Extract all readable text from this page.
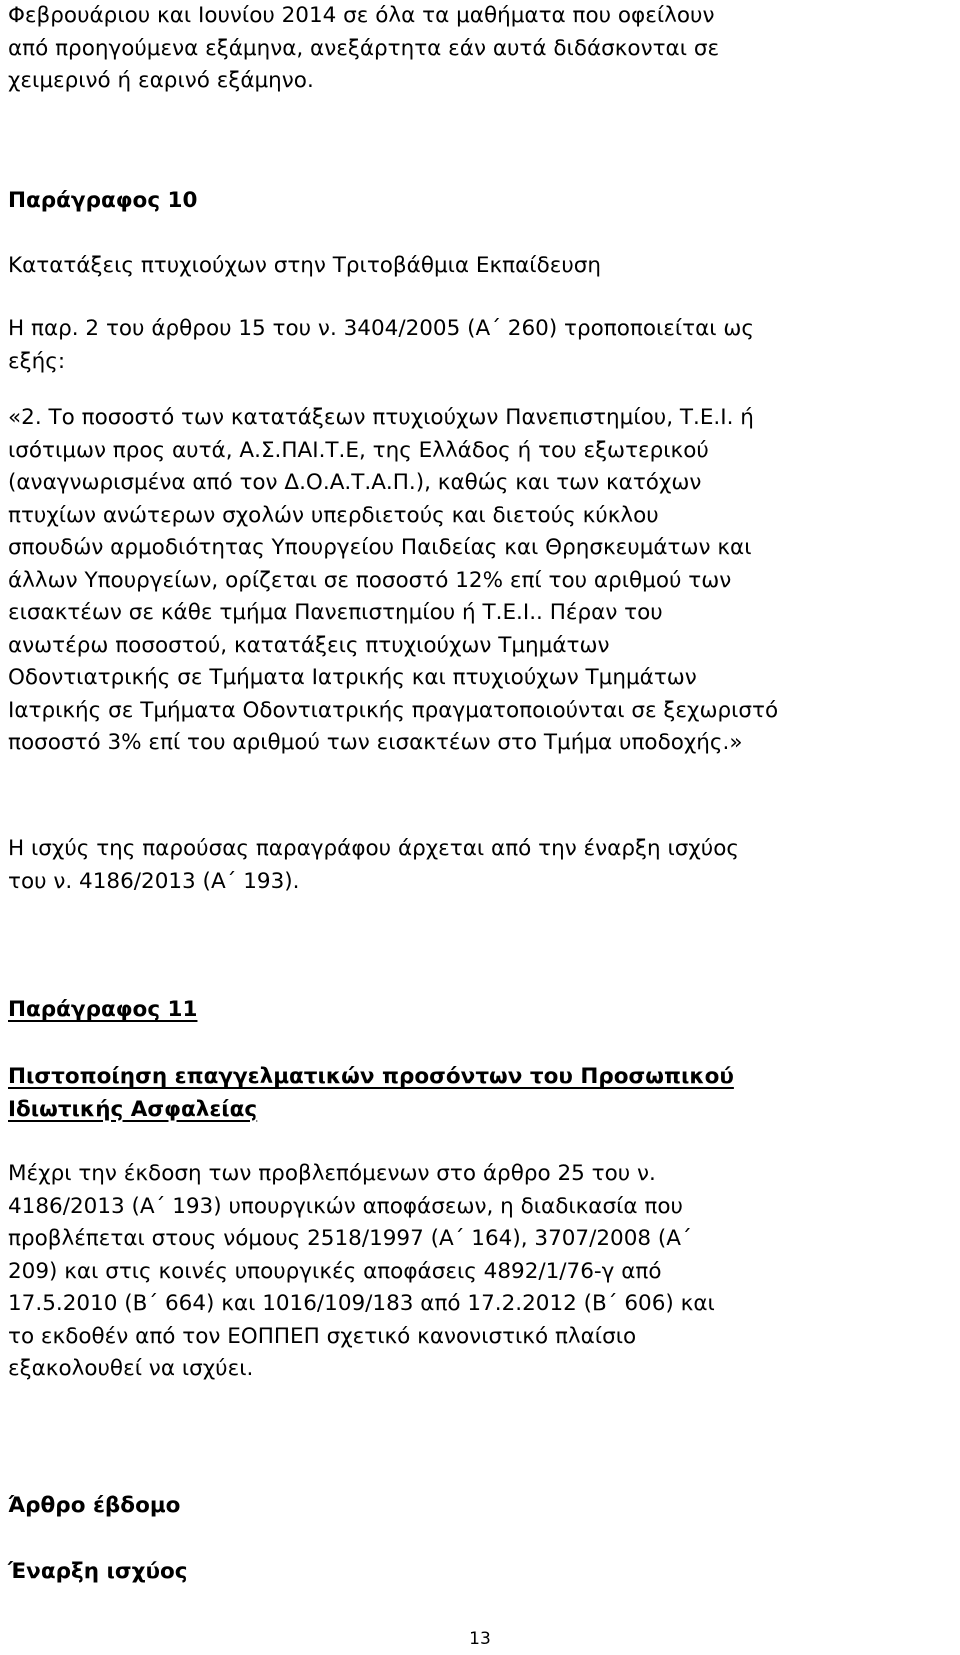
Φεβρουάριου και Ιουνίου 2014 σε όλα τα μαθήματα που οφείλουν
από προηγούμενα εξάμηνα, ανεξάρτητα εάν αυτά διδάσκονται σε
χειμερινό ή εαρινό εξάμηνο.

Παράγραφος 10

Κατατάξεις πτυχιούχων στην Τριτοβάθμια Εκπαίδευση

Η παρ. 2 του άρθρου 15 του ν. 3404/2005 (Α΄ 260) τροποποιείται ως
εξής:

«2. Το ποσοστό των κατατάξεων πτυχιούχων Πανεπιστημίου, Τ.Ε.Ι. ή
ισότιμων προς αυτά, Α.Σ.ΠΑΙ.Τ.Ε, της Ελλάδος ή του εξωτερικού
(αναγνωρισμένα από τον Δ.Ο.Α.Τ.Α.Π.), καθώς και των κατόχων
πτυχίων ανώτερων σχολών υπερδιετούς και διετούς κύκλου
σπουδών αρμοδιότητας Υπουργείου Παιδείας και Θρησκευμάτων και
άλλων Υπουργείων, ορίζεται σε ποσοστό 12% επί του αριθμού των
εισακτέων σε κάθε τμήμα Πανεπιστημίου ή Τ.Ε.Ι.. Πέραν του
ανωτέρω ποσοστού, κατατάξεις πτυχιούχων Τμημάτων
Οδοντιατρικής σε Τμήματα Ιατρικής και πτυχιούχων Τμημάτων
Ιατρικής σε Τμήματα Οδοντιατρικής πραγματοποιούνται σε ξεχωριστό
ποσοστό 3% επί του αριθμού των εισακτέων στο Τμήμα υποδοχής.»

Η ισχύς της παρούσας παραγράφου άρχεται από την έναρξη ισχύος
του ν. 4186/2013 (Α΄ 193).

Παράγραφος 11

Πιστοποίηση επαγγελματικών προσόντων του Προσωπικού
Ιδιωτικής Ασφαλείας

Μέχρι την έκδοση των προβλεπόμενων στο άρθρο 25 του ν.
4186/2013 (Α΄ 193) υπουργικών αποφάσεων, η διαδικασία που
προβλέπεται στους νόμους 2518/1997 (Α΄ 164), 3707/2008 (Α΄
209) και στις κοινές υπουργικές αποφάσεις 4892/1/76-γ από
17.5.2010 (Β΄ 664) και 1016/109/183 από 17.2.2012 (Β΄ 606) και
το εκδοθέν από τον ΕΟΠΠΕΠ σχετικό κανονιστικό πλαίσιο
εξακολουθεί να ισχύει.

Άρθρο έβδομο

Έναρξη ισχύος

13
